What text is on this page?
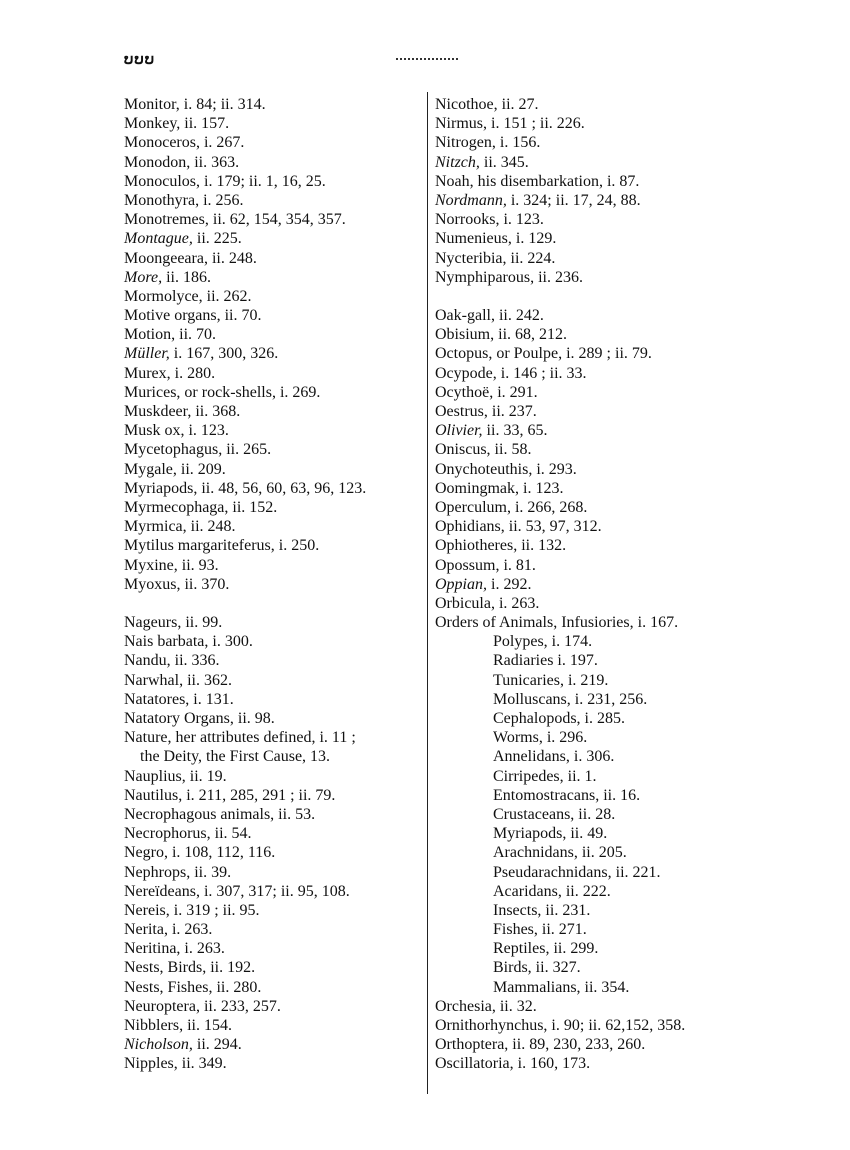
ບບບ
Monitor, i. 84; ii. 314.
Monkey, ii. 157.
Monoceros, i. 267.
Monodon, ii. 363.
Monoculos, i. 179; ii. 1, 16, 25.
Monothyra, i. 256.
Monotremes, ii. 62, 154, 354, 357.
Montague, ii. 225.
Moongeeara, ii. 248.
More, ii. 186.
Mormolyce, ii. 262.
Motive organs, ii. 70.
Motion, ii. 70.
Müller, i. 167, 300, 326.
Murex, i. 280.
Murices, or rock-shells, i. 269.
Muskdeer, ii. 368.
Musk ox, i. 123.
Mycetophagus, ii. 265.
Mygale, ii. 209.
Myriapods, ii. 48, 56, 60, 63, 96, 123.
Myrmecophaga, ii. 152.
Myrmica, ii. 248.
Mytilus margariteferus, i. 250.
Myxine, ii. 93.
Myoxus, ii. 370.
Nageurs, ii. 99.
Nais barbata, i. 300.
Nandu, ii. 336.
Narwhal, ii. 362.
Natatores, i. 131.
Natatory Organs, ii. 98.
Nature, her attributes defined, i. 11 ;
the Deity, the First Cause, 13.
Nauplius, ii. 19.
Nautilus, i. 211, 285, 291 ; ii. 79.
Necrophagous animals, ii. 53.
Necrophorus, ii. 54.
Negro, i. 108, 112, 116.
Nephrops, ii. 39.
Nereïdeans, i. 307, 317; ii. 95, 108.
Nereis, i. 319 ; ii. 95.
Nerita, i. 263.
Neritina, i. 263.
Nests, Birds, ii. 192.
Nests, Fishes, ii. 280.
Neuroptera, ii. 233, 257.
Nibblers, ii. 154.
Nicholson, ii. 294.
Nipples, ii. 349.
Nicothoe, ii. 27.
Nirmus, i. 151 ; ii. 226.
Nitrogen, i. 156.
Nitzch, ii. 345.
Noah, his disembarkation, i. 87.
Nordmann, i. 324; ii. 17, 24, 88.
Norrooks, i. 123.
Numenieus, i. 129.
Nycteribia, ii. 224.
Nymphiparous, ii. 236.
Oak-gall, ii. 242.
Obisium, ii. 68, 212.
Octopus, or Poulpe, i. 289 ; ii. 79.
Ocypode, i. 146 ; ii. 33.
Ocythoë, i. 291.
Oestrus, ii. 237.
Olivier, ii. 33, 65.
Oniscus, ii. 58.
Onychoteuthis, i. 293.
Oomingmak, i. 123.
Operculum, i. 266, 268.
Ophidians, ii. 53, 97, 312.
Ophiotheres, ii. 132.
Opossum, i. 81.
Oppian, i. 292.
Orbicula, i. 263.
Orders of Animals, Infusiories, i. 167.
Polypes, i. 174.
Radiaries i. 197.
Tunicaries, i. 219.
Molluscans, i. 231, 256.
Cephalopods, i. 285.
Worms, i. 296.
Annelidans, i. 306.
Cirripedes, ii. 1.
Entomostracans, ii. 16.
Crustaceans, ii. 28.
Myriapods, ii. 49.
Arachnidans, ii. 205.
Pseudarachnidans, ii. 221.
Acaridans, ii. 222.
Insects, ii. 231.
Fishes, ii. 271.
Reptiles, ii. 299.
Birds, ii. 327.
Mammalians, ii. 354.
Orchesia, ii. 32.
Ornithorhynchus, i. 90; ii. 62,152, 358.
Orthoptera, ii. 89, 230, 233, 260.
Oscillatoria, i. 160, 173.
